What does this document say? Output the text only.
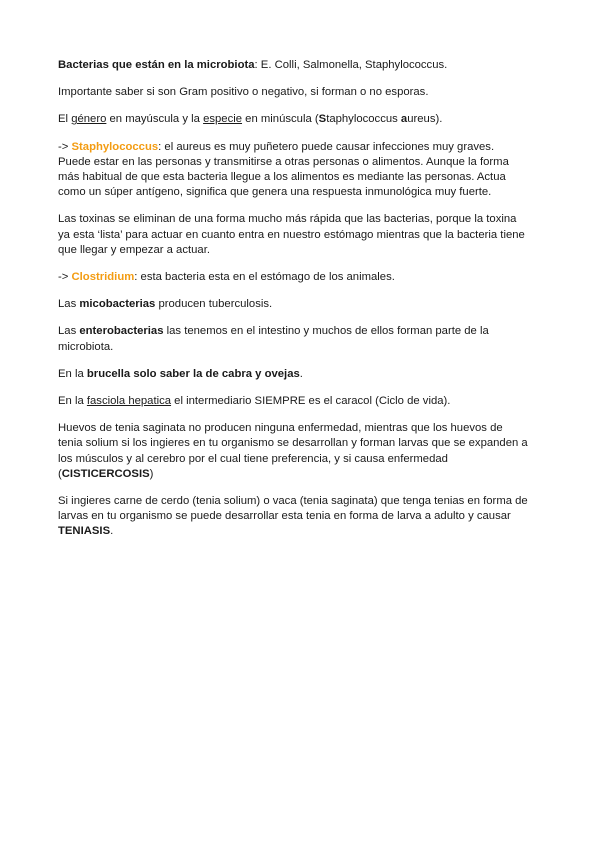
Bacterias que están en la microbiota: E. Colli, Salmonella, Staphylococcus.

Importante saber si son Gram positivo o negativo, si forman o no esporas.

El género en mayúscula y la especie en minúscula (Staphylococcus aureus).

-> Staphylococcus: el aureus es muy puñetero puede causar infecciones muy graves. Puede estar en las personas y transmitirse a otras personas o alimentos. Aunque la forma más habitual de que esta bacteria llegue a los alimentos es mediante las personas. Actua como un súper antígeno, significa que genera una respuesta inmunológica muy fuerte.

Las toxinas se eliminan de una forma mucho más rápida que las bacterias, porque la toxina ya esta ‘lista’ para actuar en cuanto entra en nuestro estómago mientras que la bacteria tiene que llegar y empezar a actuar.

-> Clostridium: esta bacteria esta en el estómago de los animales.

Las micobacterias producen tuberculosis.

Las enterobacterias las tenemos en el intestino y muchos de ellos forman parte de la microbiota.

En la brucella solo saber la de cabra y ovejas.

En la fasciola hepatica el intermediario SIEMPRE es el caracol (Ciclo de vida).

Huevos de tenia saginata no producen ninguna enfermedad, mientras que los huevos de tenia solium si los ingieres en tu organismo se desarrollan y forman larvas que se expanden a los músculos y al cerebro por el cual tiene preferencia, y si causa enfermedad (CISTICERCOSIS)

Si ingieres carne de cerdo (tenia solium) o vaca (tenia saginata) que tenga tenias en forma de larvas en tu organismo se puede desarrollar esta tenia en forma de larva a adulto y causar TENIASIS.
